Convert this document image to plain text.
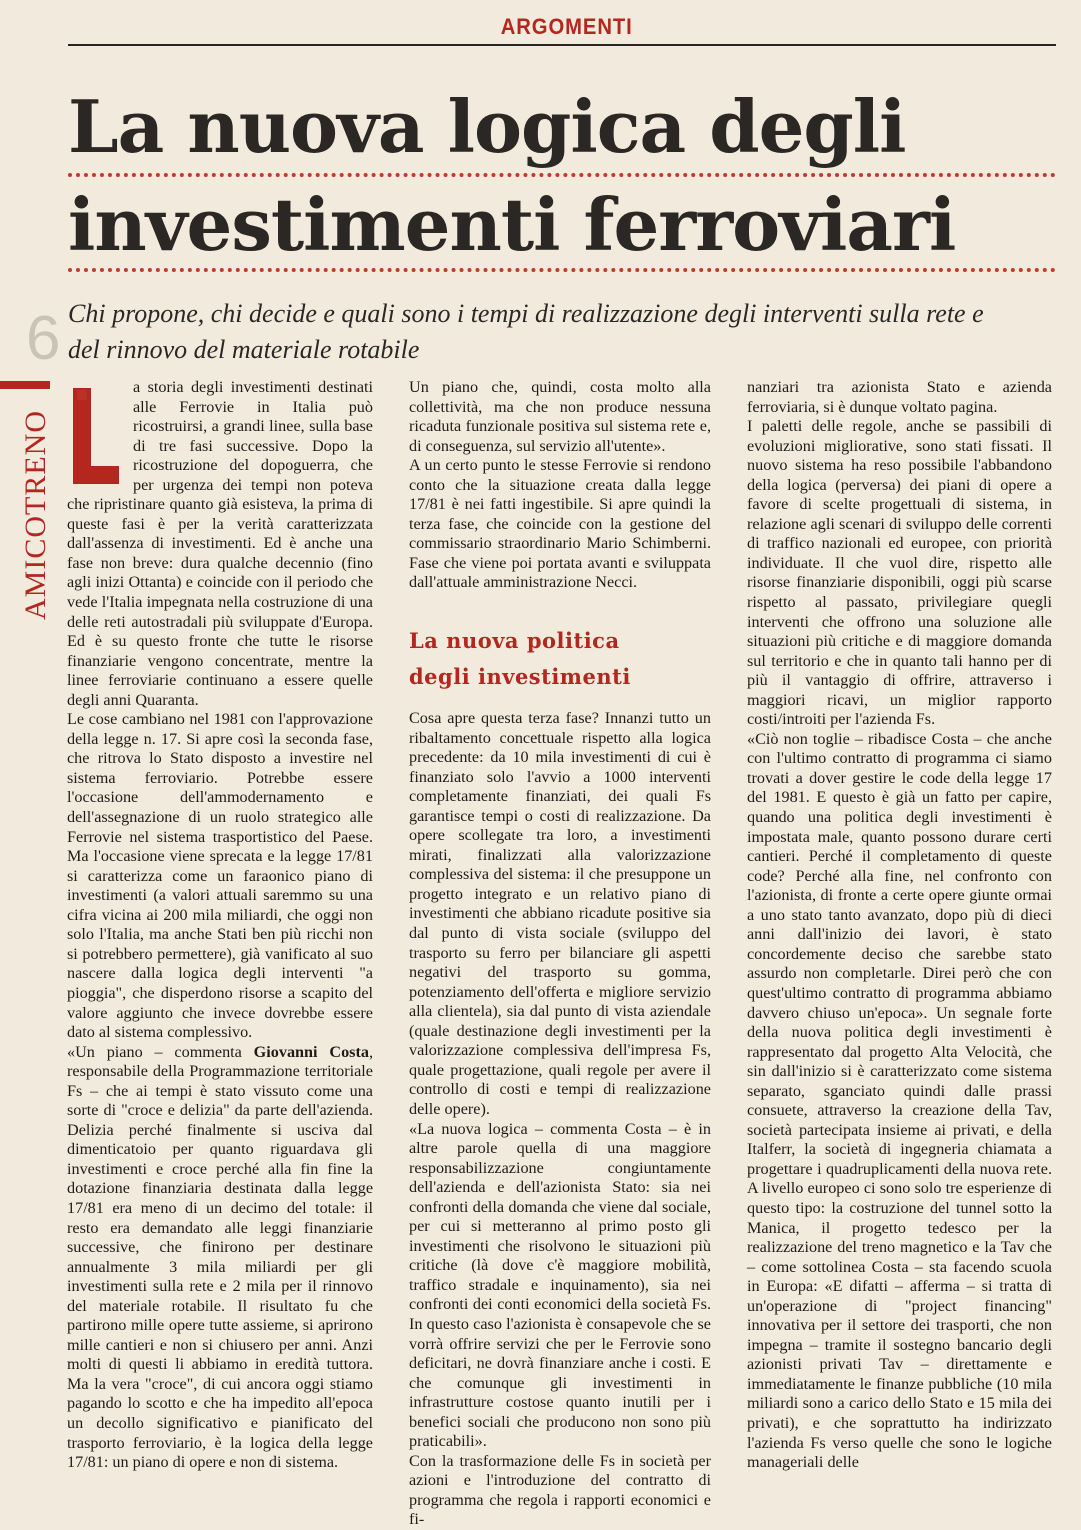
ARGOMENTI
La nuova logica degli
investimenti ferroviari
6
AMICOTRENO
Chi propone, chi decide e quali sono i tempi di realizzazione degli interventi sulla rete e del rinnovo del materiale rotabile

a storia degli investimenti destinati alle Ferrovie in Italia può ricostruirsi, a grandi linee, sulla base di tre fasi successive. Dopo la ricostruzione del dopoguerra, che per urgenza dei tempi non poteva che ripristinare quanto già esisteva, la prima di queste fasi è per la verità caratterizzata dall'assenza di investimenti. Ed è anche una fase non breve: dura qualche decennio (fino agli inizi Ottanta) e coincide con il periodo che vede l'Italia impegnata nella costruzione di una delle reti autostradali più sviluppate d'Europa. Ed è su questo fronte che tutte le risorse finanziarie vengono concentrate, mentre la linee ferroviarie continuano a essere quelle degli anni Quaranta.

Le cose cambiano nel 1981 con l'approvazione della legge n. 17. Si apre così la seconda fase, che ritrova lo Stato disposto a investire nel sistema ferroviario. Potrebbe essere l'occasione dell'ammodernamento e dell'assegnazione di un ruolo strategico alle Ferrovie nel sistema trasportistico del Paese. Ma l'occasione viene sprecata e la legge 17/81 si caratterizza come un faraonico piano di investimenti (a valori attuali saremmo su una cifra vicina ai 200 mila miliardi, che oggi non solo l'Italia, ma anche Stati ben più ricchi non si potrebbero permettere), già vanificato al suo nascere dalla logica degli interventi "a pioggia", che disperdono risorse a scapito del valore aggiunto che invece dovrebbe essere dato al sistema complessivo.

«Un piano – commenta Giovanni Costa, responsabile della Programmazione territoriale Fs – che ai tempi è stato vissuto come una sorte di "croce e delizia" da parte dell'azienda. Delizia perché finalmente si usciva dal dimenticatoio per quanto riguardava gli investimenti e croce perché alla fin fine la dotazione finanziaria destinata dalla legge 17/81 era meno di un decimo del totale: il resto era demandato alle leggi finanziarie successive, che finirono per destinare annualmente 3 mila miliardi per gli investimenti sulla rete e 2 mila per il rinnovo del materiale rotabile. Il risultato fu che partirono mille opere tutte assieme, si aprirono mille cantieri e non si chiusero per anni. Anzi molti di questi li abbiamo in eredità tuttora. Ma la vera "croce", di cui ancora oggi stiamo pagando lo scotto e che ha impedito all'epoca un decollo significativo e pianificato del trasporto ferroviario, è la logica della legge 17/81: un piano di opere e non di sistema.

Un piano che, quindi, costa molto alla collettività, ma che non produce nessuna ricaduta funzionale positiva sul sistema rete e, di conseguenza, sul servizio all'utente».

A un certo punto le stesse Ferrovie si rendono conto che la situazione creata dalla legge 17/81 è nei fatti ingestibile. Si apre quindi la terza fase, che coincide con la gestione del commissario straordinario Mario Schimberni. Fase che viene poi portata avanti e sviluppata dall'attuale amministrazione Necci.

La nuova politica
degli investimenti

Cosa apre questa terza fase? Innanzi tutto un ribaltamento concettuale rispetto alla logica precedente: da 10 mila investimenti di cui è finanziato solo l'avvio a 1000 interventi completamente finanziati, dei quali Fs garantisce tempi o costi di realizzazione. Da opere scollegate tra loro, a investimenti mirati, finalizzati alla valorizzazione complessiva del sistema: il che presuppone un progetto integrato e un relativo piano di investimenti che abbiano ricadute positive sia dal punto di vista sociale (sviluppo del trasporto su ferro per bilanciare gli aspetti negativi del trasporto su gomma, potenziamento dell'offerta e migliore servizio alla clientela), sia dal punto di vista aziendale (quale destinazione degli investimenti per la valorizzazione complessiva dell'impresa Fs, quale progettazione, quali regole per avere il controllo di costi e tempi di realizzazione delle opere).

«La nuova logica – commenta Costa – è in altre parole quella di una maggiore responsabilizzazione congiuntamente dell'azienda e dell'azionista Stato: sia nei confronti della domanda che viene dal sociale, per cui si metteranno al primo posto gli investimenti che risolvono le situazioni più critiche (là dove c'è maggiore mobilità, traffico stradale e inquinamento), sia nei confronti dei conti economici della società Fs. In questo caso l'azionista è consapevole che se vorrà offrire servizi che per le Ferrovie sono deficitari, ne dovrà finanziare anche i costi. E che comunque gli investimenti in infrastrutture costose quanto inutili per i benefici sociali che producono non sono più praticabili».

Con la trasformazione delle Fs in società per azioni e l'introduzione del contratto di programma che regola i rapporti economici e fi-

nanziari tra azionista Stato e azienda ferroviaria, si è dunque voltato pagina.

I paletti delle regole, anche se passibili di evoluzioni migliorative, sono stati fissati. Il nuovo sistema ha reso possibile l'abbandono della logica (perversa) dei piani di opere a favore di scelte progettuali di sistema, in relazione agli scenari di sviluppo delle correnti di traffico nazionali ed europee, con priorità individuate. Il che vuol dire, rispetto alle risorse finanziarie disponibili, oggi più scarse rispetto al passato, privilegiare quegli interventi che offrono una soluzione alle situazioni più critiche e di maggiore domanda sul territorio e che in quanto tali hanno per di più il vantaggio di offrire, attraverso i maggiori ricavi, un miglior rapporto costi/introiti per l'azienda Fs.

«Ciò non toglie – ribadisce Costa – che anche con l'ultimo contratto di programma ci siamo trovati a dover gestire le code della legge 17 del 1981. E questo è già un fatto per capire, quando una politica degli investimenti è impostata male, quanto possono durare certi cantieri. Perché il completamento di queste code? Perché alla fine, nel confronto con l'azionista, di fronte a certe opere giunte ormai a uno stato tanto avanzato, dopo più di dieci anni dall'inizio dei lavori, è stato concordemente deciso che sarebbe stato assurdo non completarle. Direi però che con quest'ultimo contratto di programma abbiamo davvero chiuso un'epoca». Un segnale forte della nuova politica degli investimenti è rappresentato dal progetto Alta Velocità, che sin dall'inizio si è caratterizzato come sistema separato, sganciato quindi dalle prassi consuete, attraverso la creazione della Tav, società partecipata insieme ai privati, e della Italferr, la società di ingegneria chiamata a progettare i quadruplicamenti della nuova rete. A livello europeo ci sono solo tre esperienze di questo tipo: la costruzione del tunnel sotto la Manica, il progetto tedesco per la realizzazione del treno magnetico e la Tav che – come sottolinea Costa – sta facendo scuola in Europa: «E difatti – afferma – si tratta di un'operazione di "project financing" innovativa per il settore dei trasporti, che non impegna – tramite il sostegno bancario degli azionisti privati Tav – direttamente e immediatamente le finanze pubbliche (10 mila miliardi sono a carico dello Stato e 15 mila dei privati), e che soprattutto ha indirizzato l'azienda Fs verso quelle che sono le logiche manageriali delle
